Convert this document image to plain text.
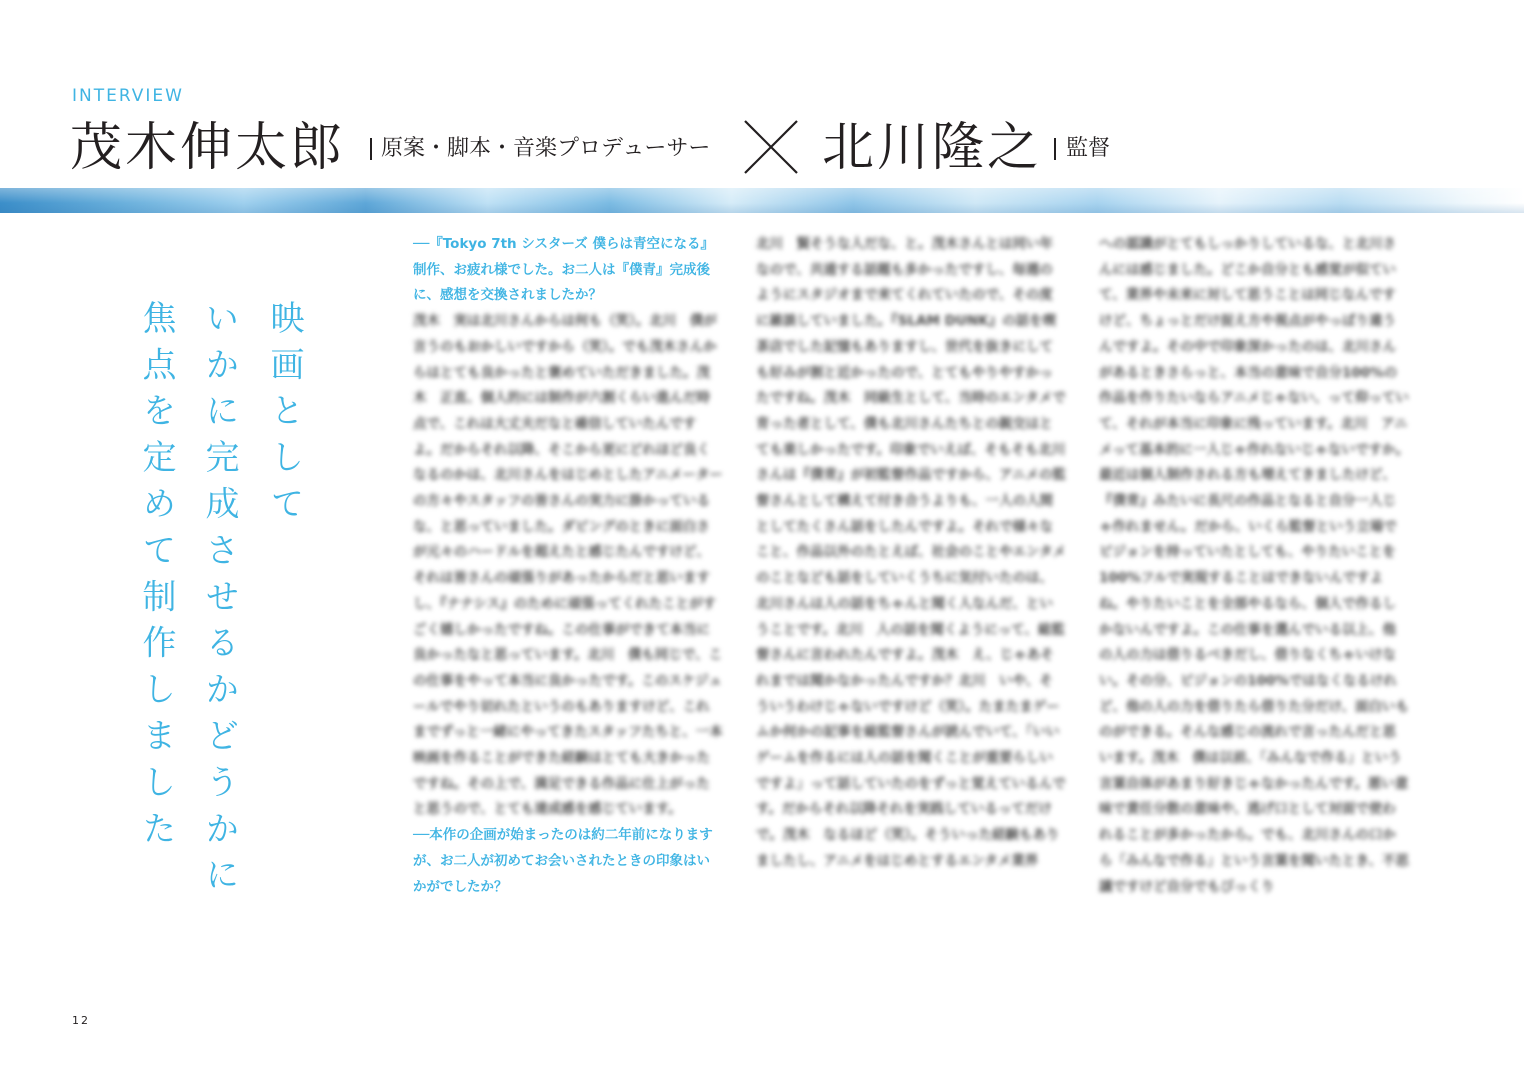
INTERVIEW
茂木伸太郎 原案・脚本・音楽プロデューサー 北川隆之 監督
映画として
いかに完成させるかどうかに
焦点を定めて制作しました

──『Tokyo 7th シスターズ 僕らは青空になる』制作、お疲れ様でした。お二人は『僕青』完成後に、感想を交換されましたか？

茂木　実は北川さんからは何も（笑）。北川　僕が言うのもおかしいですから（笑）。でも茂木さんからはとても良かったと褒めていただきました。茂木　正直、個人的には制作が六割くらい進んだ時点で、これは大丈夫だなと確信していたんですよ。だからそれ以降、そこから更にどれほど良くなるのかは、北川さんをはじめとしたアニメーターの方々やスタッフの皆さんの実力に掛かっているな、と思っていました。ダビングのときに面白さが元々のハードルを超えたと感じたんですけど、それは皆さんの頑張りがあったからだと思いますし、『ナナシス』のために頑張ってくれたことがすごく嬉しかったですね。この仕事ができて本当に良かったなと思っています。北川　僕も同じで、この仕事をやって本当に良かったです。このスケジュールでやり切れたというのもありますけど、これまでずっと一緒にやってきたスタッフたちと、一本映画を作ることができた経験はとても大きかったですね。その上で、満足できる作品に仕上がったと思うので、とても達成感を感じています。

──本作の企画が始まったのは約二年前になりますが、お二人が初めてお会いされたときの印象はいかがでしたか？

北川　賢そうな人だな、と。茂木さんとは同い年なので、共通する話題も多かったですし、毎週のようにスタジオまで来てくれていたので、その度に雑談していました。『SLAM DUNK』の話を喫茶店でした記憶もありますし、世代を抜きにしても好みが割と近かったので、とてもやりやすかったですね。茂木　同級生として、当時のエンタメで育った者として、僕も北川さんたちとの親交はとても楽しかったです。印象でいえば、そもそも北川さんは『僕青』が初監督作品ですから、アニメの監督さんとして構えて付き合うよりも、一人の人間としてたくさん話をしたんですよ。それで様々なこと、作品以外のたとえば、社会のことやエンタメのことなども話をしていくうちに気付いたのは、北川さんは人の話をちゃんと聞く人なんだ、ということです。北川　人の話を聞くようにって、総監督さんに言われたんですよ。茂木　え、じゃあそれまでは聞かなかったんですか？北川　いや、そういうわけじゃないですけど（笑）。たまたまゲームか何かの記事を総監督さんが読んでいて、「いいゲームを作るには人の話を聞くことが重要らしいですよ」って話していたのをずっと覚えているんです。だからそれ以降それを実践しているってだけで。茂木　なるほど（笑）。そういった経験もありましたし、アニメをはじめとするエンタメ業界

への認識がとてもしっかりしているな、と北川さんには感じました。どこか自分とも感覚が似ていて、業界や未来に対して思うことは同じなんですけど、ちょっとだけ捉え方や視点がやっぱり違うんですよ。その中で印象深かったのは、北川さんがあるときさらっと、本当の意味で自分100%の作品を作りたいならアニメじゃない、って仰っていて、それが本当に印象に残っています。北川　アニメって基本的に一人じゃ作れないじゃないですか。最近は個人制作される方も増えてきましたけど、『僕青』みたいに長尺の作品となると自分一人じゃ作れません。だから、いくら監督という立場でビジョンを持っていたとしても、やりたいことを100%フルで実現することはできないんですよね。やりたいことを全部やるなら、個人で作るしかないんですよ。この仕事を選んでいる以上、他の人の力は借りるべきだし、借りなくちゃいけない。その分、ビジョンの100%ではなくなるけれど、他の人の力を借りたら借りた分だけ、面白いものができる。そんな感じの流れで言ったんだと思います。茂木　僕は以前、「みんなで作る」という言葉自体があまり好きじゃなかったんです。悪い意味で責任分散の意味や、逃げ口として対面で使われることが多かったから。でも、北川さんの口から「みんなで作る」という言葉を聞いたとき、不思議ですけど自分でもびっくり

12
